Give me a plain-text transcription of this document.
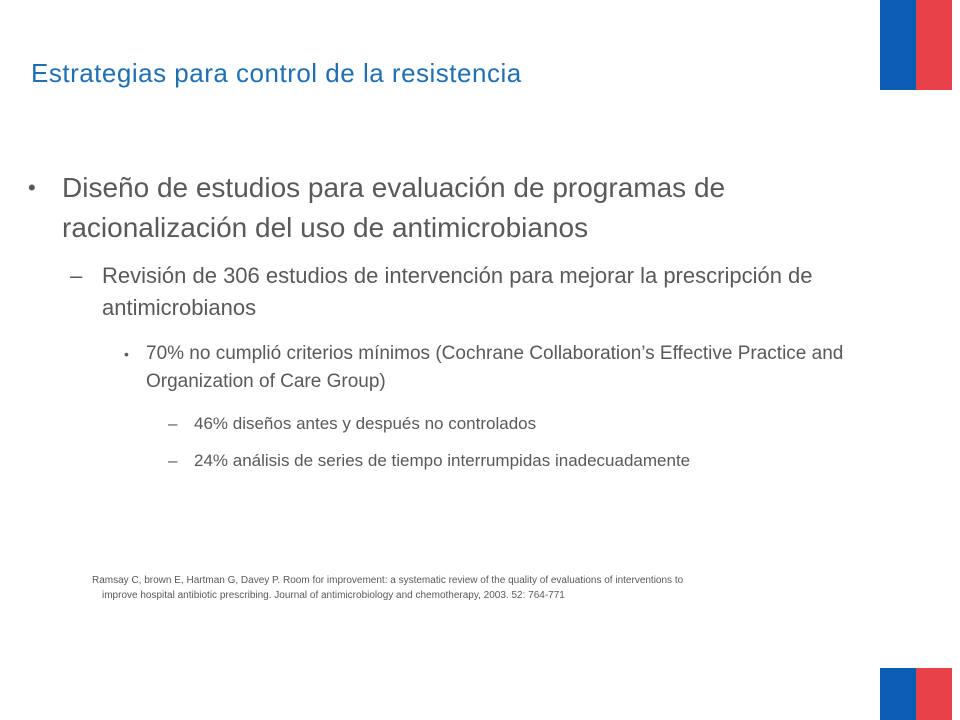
Estrategias para control de la resistencia
• Diseño de estudios para evaluación de programas de racionalización del uso de antimicrobianos
– Revisión de 306 estudios de intervención para mejorar la prescripción de antimicrobianos
• 70% no cumplió criterios mínimos (Cochrane Collaboration’s Effective Practice and Organization of Care Group)
– 46% diseños antes y después no controlados
– 24% análisis de series de tiempo interrumpidas inadecuadamente
Ramsay C, brown E, Hartman G, Davey P. Room for improvement: a systematic review of the quality of evaluations of interventions to
improve hospital antibiotic prescribing. Journal of antimicrobiology and chemotherapy, 2003. 52: 764-771
